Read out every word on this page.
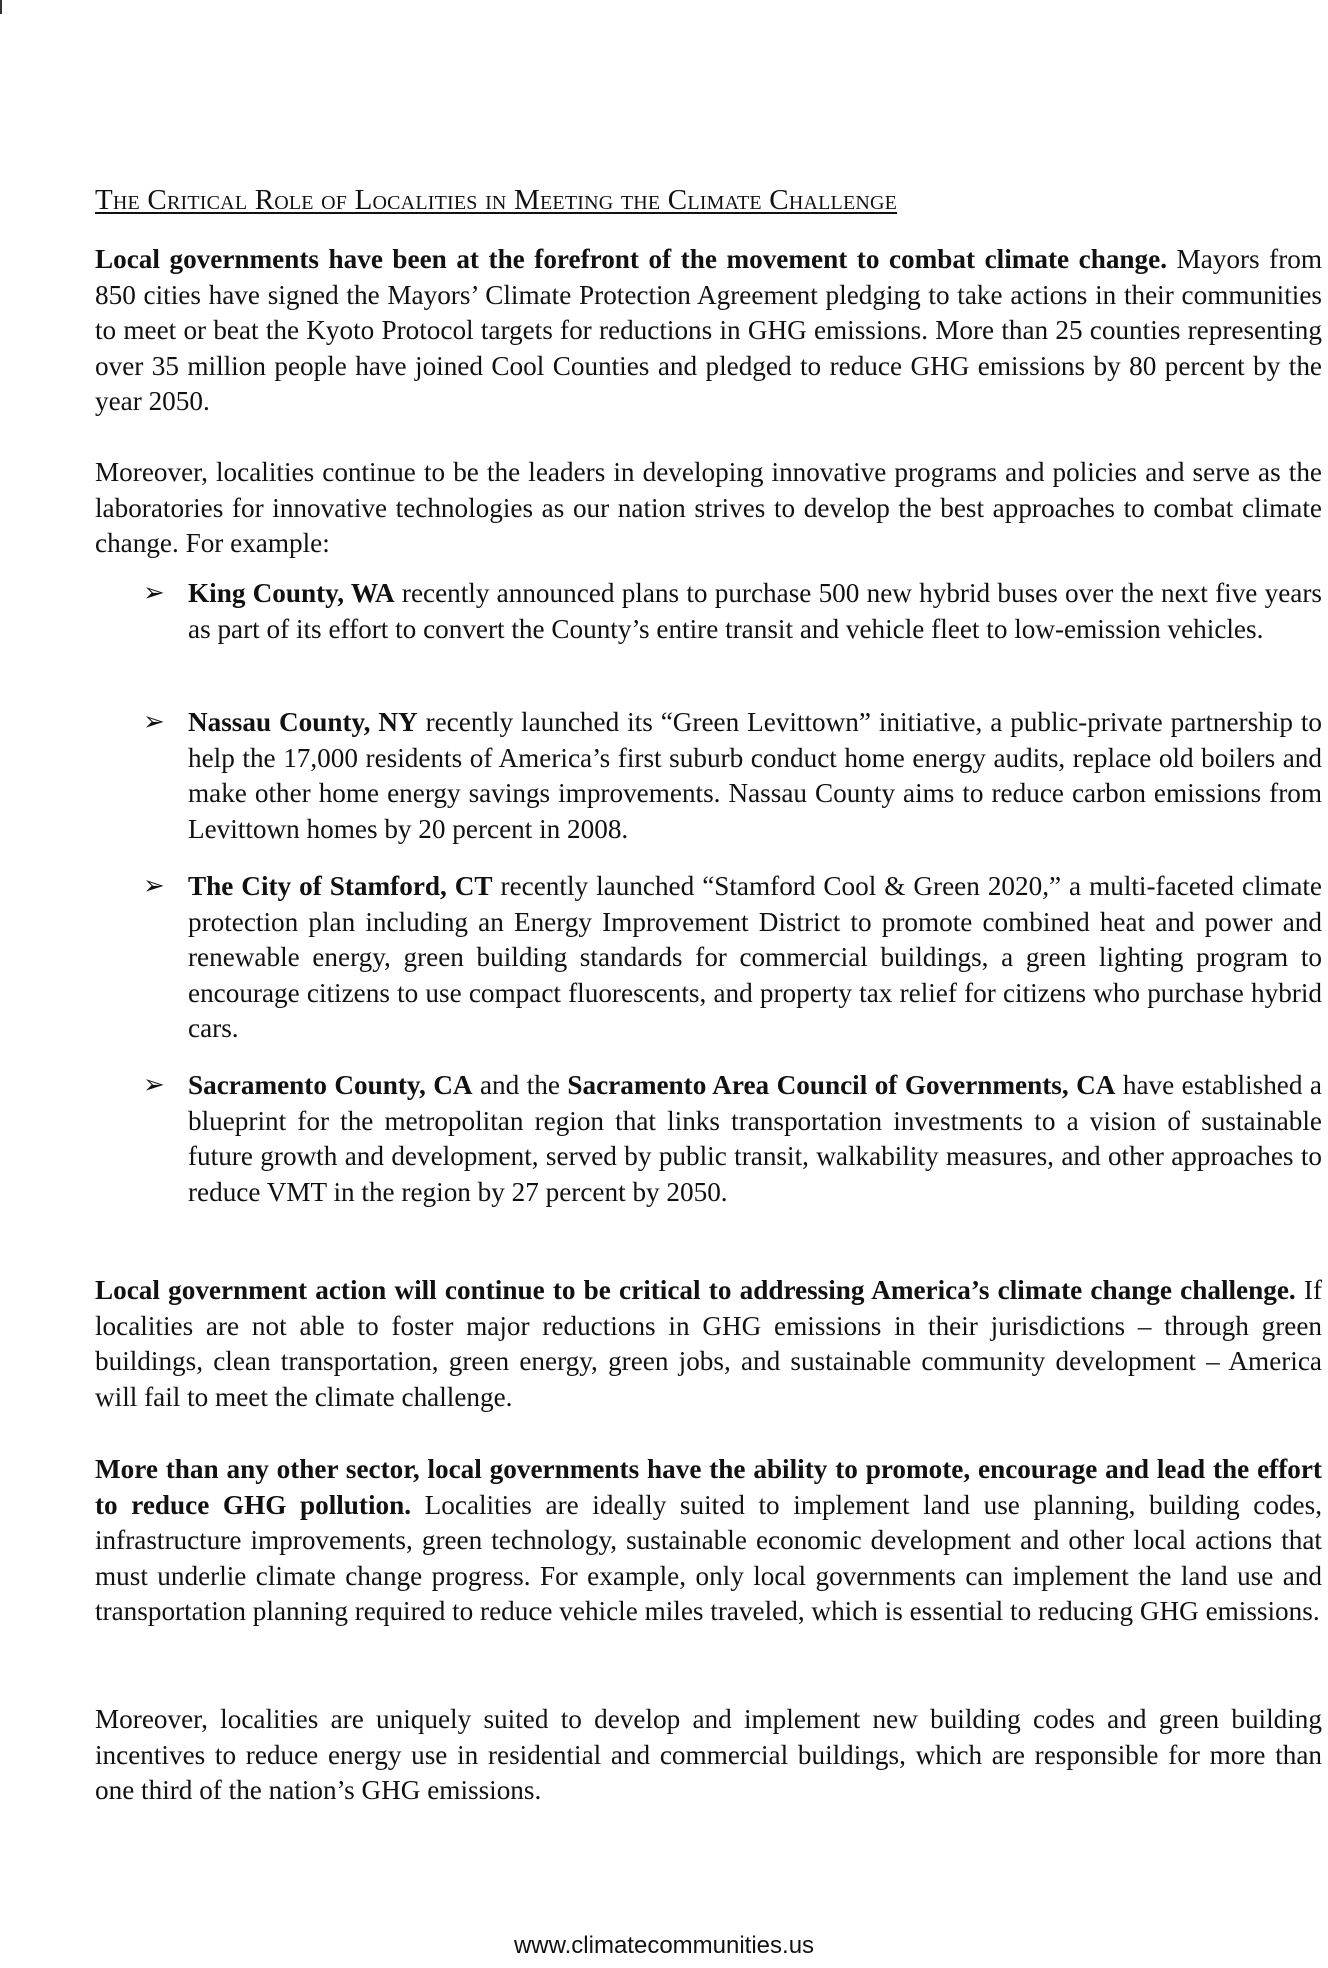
The Critical Role of Localities in Meeting the Climate Challenge

Local governments have been at the forefront of the movement to combat climate change. Mayors from 850 cities have signed the Mayors’ Climate Protection Agreement pledging to take actions in their communities to meet or beat the Kyoto Protocol targets for reductions in GHG emissions. More than 25 counties representing over 35 million people have joined Cool Counties and pledged to reduce GHG emissions by 80 percent by the year 2050.

Moreover, localities continue to be the leaders in developing innovative programs and policies and serve as the laboratories for innovative technologies as our nation strives to develop the best approaches to combat climate change. For example:

➢ King County, WA recently announced plans to purchase 500 new hybrid buses over the next five years as part of its effort to convert the County’s entire transit and vehicle fleet to low-emission vehicles.

➢ Nassau County, NY recently launched its “Green Levittown” initiative, a public-private partnership to help the 17,000 residents of America’s first suburb conduct home energy audits, replace old boilers and make other home energy savings improvements. Nassau County aims to reduce carbon emissions from Levittown homes by 20 percent in 2008.

➢ The City of Stamford, CT recently launched “Stamford Cool & Green 2020,” a multi-faceted climate protection plan including an Energy Improvement District to promote combined heat and power and renewable energy, green building standards for commercial buildings, a green lighting program to encourage citizens to use compact fluorescents, and property tax relief for citizens who purchase hybrid cars.

➢ Sacramento County, CA and the Sacramento Area Council of Governments, CA have established a blueprint for the metropolitan region that links transportation investments to a vision of sustainable future growth and development, served by public transit, walkability measures, and other approaches to reduce VMT in the region by 27 percent by 2050.

Local government action will continue to be critical to addressing America’s climate change challenge. If localities are not able to foster major reductions in GHG emissions in their jurisdictions – through green buildings, clean transportation, green energy, green jobs, and sustainable community development – America will fail to meet the climate challenge.

More than any other sector, local governments have the ability to promote, encourage and lead the effort to reduce GHG pollution. Localities are ideally suited to implement land use planning, building codes, infrastructure improvements, green technology, sustainable economic development and other local actions that must underlie climate change progress. For example, only local governments can implement the land use and transportation planning required to reduce vehicle miles traveled, which is essential to reducing GHG emissions.

Moreover, localities are uniquely suited to develop and implement new building codes and green building incentives to reduce energy use in residential and commercial buildings, which are responsible for more than one third of the nation’s GHG emissions.

www.climatecommunities.us
